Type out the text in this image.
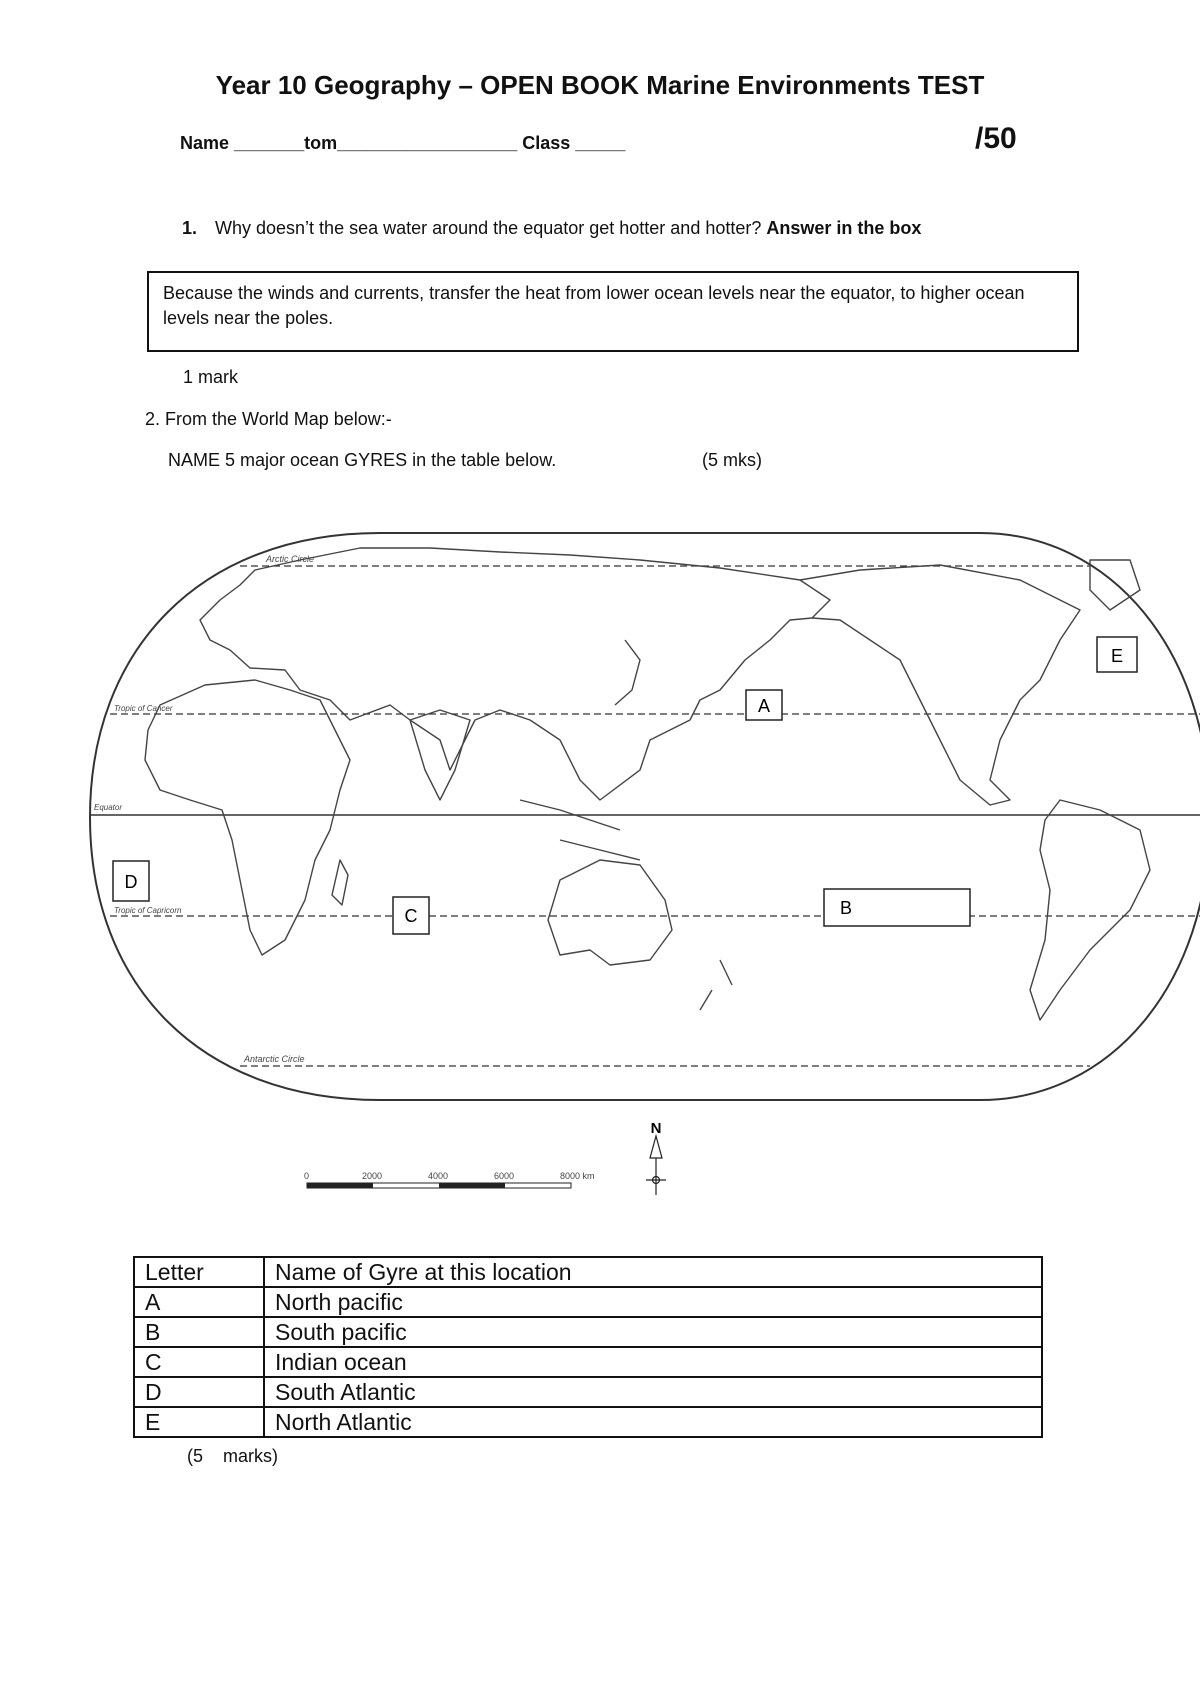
Year 10 Geography – OPEN BOOK Marine Environments TEST
Name _______tom__________________ Class _____	/50
1. Why doesn’t the sea water around the equator get hotter and hotter? Answer in the box
Because the winds and currents, transfer the heat from lower ocean levels near the equator, to higher ocean levels near the poles.
1 mark
2. From the World Map below:-
NAME 5 major ocean GYRES in the table below.	(5 mks)
Arctic Circle
Tropic of Cancer
Equator
Tropic of Capricorn
Antarctic Circle
A
B
C
D
E
0	2000	4000	6000	8000 km
N
Letter	Name of Gyre at this location
A	North pacific
B	South pacific
C	Indian ocean
D	South Atlantic
E	North Atlantic
(5    marks)
